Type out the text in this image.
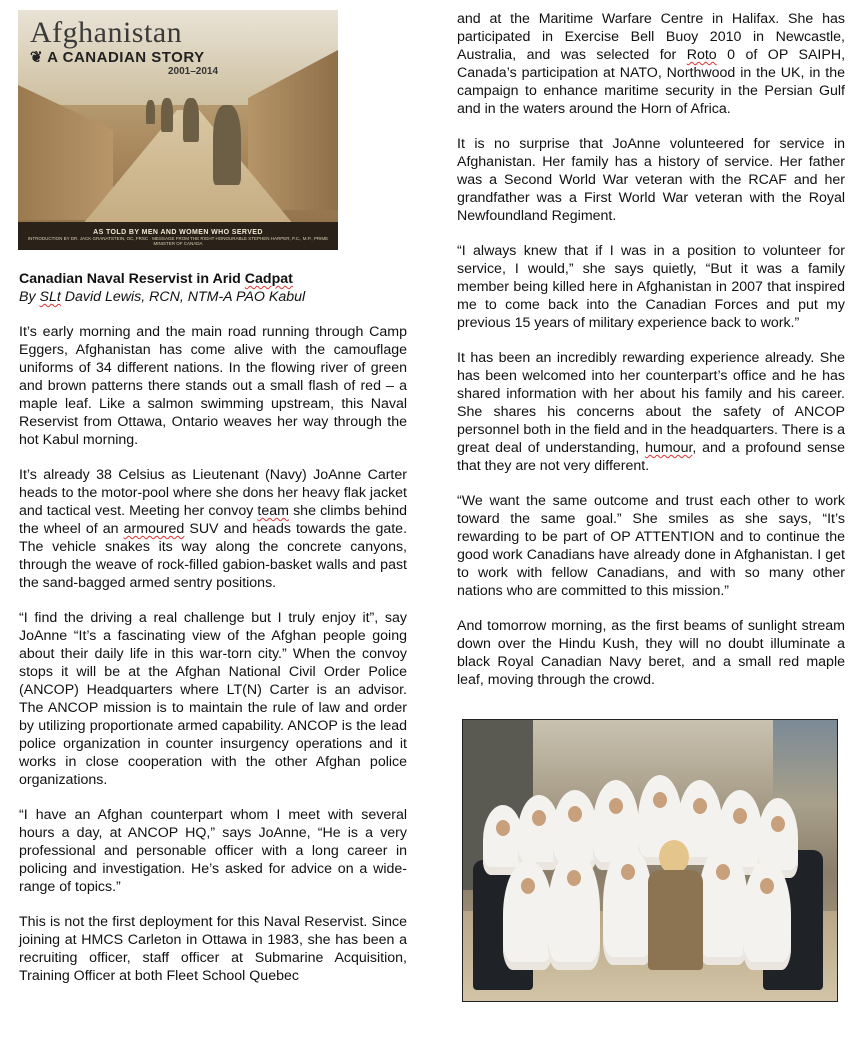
Afghanistan
❦ A CANADIAN STORY
2001–2014
AS TOLD BY MEN AND WOMEN WHO SERVED
INTRODUCTION BY DR. JACK GRANATSTEIN, OC, FRSC · MESSAGE FROM THE RIGHT HONOURABLE STEPHEN HARPER, P.C., M.P., PRIME MINISTER OF CANADA

Canadian Naval Reservist in Arid Cadpat

By SLt David Lewis, RCN, NTM-A PAO Kabul

It’s early morning and the main road running through Camp Eggers, Afghanistan has come alive with the camouflage uniforms of 34 different nations. In the flowing river of green and brown patterns there stands out a small flash of red – a maple leaf. Like a salmon swimming upstream, this Naval Reservist from Ottawa, Ontario weaves her way through the hot Kabul morning.

It’s already 38 Celsius as Lieutenant (Navy) JoAnne Carter heads to the motor-pool where she dons her heavy flak jacket and tactical vest. Meeting her convoy team she climbs behind the wheel of an armoured SUV and heads towards the gate. The vehicle snakes its way along the concrete canyons, through the weave of rock-filled gabion-basket walls and past the sand-bagged armed sentry positions.

“I find the driving a real challenge but I truly enjoy it”, say JoAnne “It’s a fascinating view of the Afghan people going about their daily life in this war-torn city.” When the convoy stops it will be at the Afghan National Civil Order Police (ANCOP) Headquarters where LT(N) Carter is an advisor. The ANCOP mission is to maintain the rule of law and order by utilizing proportionate armed capability. ANCOP is the lead police organization in counter insurgency operations and it works in close cooperation with the other Afghan police organizations.

“I have an Afghan counterpart whom I meet with several hours a day, at ANCOP HQ,” says JoAnne, “He is a very professional and personable officer with a long career in policing and investigation. He’s asked for advice on a wide-range of topics.”

This is not the first deployment for this Naval Reservist. Since joining at HMCS Carleton in Ottawa in 1983, she has been a recruiting officer, staff officer at Submarine Acquisition, Training Officer at both Fleet School Quebec

and at the Maritime Warfare Centre in Halifax. She has participated in Exercise Bell Buoy 2010 in Newcastle, Australia, and was selected for Roto 0 of OP SAIPH, Canada’s participation at NATO, Northwood in the UK, in the campaign to enhance maritime security in the Persian Gulf and in the waters around the Horn of Africa.

It is no surprise that JoAnne volunteered for service in Afghanistan. Her family has a history of service. Her father was a Second World War veteran with the RCAF and her grandfather was a First World War veteran with the Royal Newfoundland Regiment.

“I always knew that if I was in a position to volunteer for service, I would,” she says quietly, “But it was a family member being killed here in Afghanistan in 2007 that inspired me to come back into the Canadian Forces and put my previous 15 years of military experience back to work.”

It has been an incredibly rewarding experience already. She has been welcomed into her counterpart’s office and he has shared information with her about his family and his career. She shares his concerns about the safety of ANCOP personnel both in the field and in the headquarters. There is a great deal of understanding, humour, and a profound sense that they are not very different.

“We want the same outcome and trust each other to work toward the same goal.” She smiles as she says, “It’s rewarding to be part of OP ATTENTION and to continue the good work Canadians have already done in Afghanistan. I get to work with fellow Canadians, and with so many other nations who are committed to this mission.”

And tomorrow morning, as the first beams of sunlight stream down over the Hindu Kush, they will no doubt illuminate a black Royal Canadian Navy beret, and a small red maple leaf, moving through the crowd.
